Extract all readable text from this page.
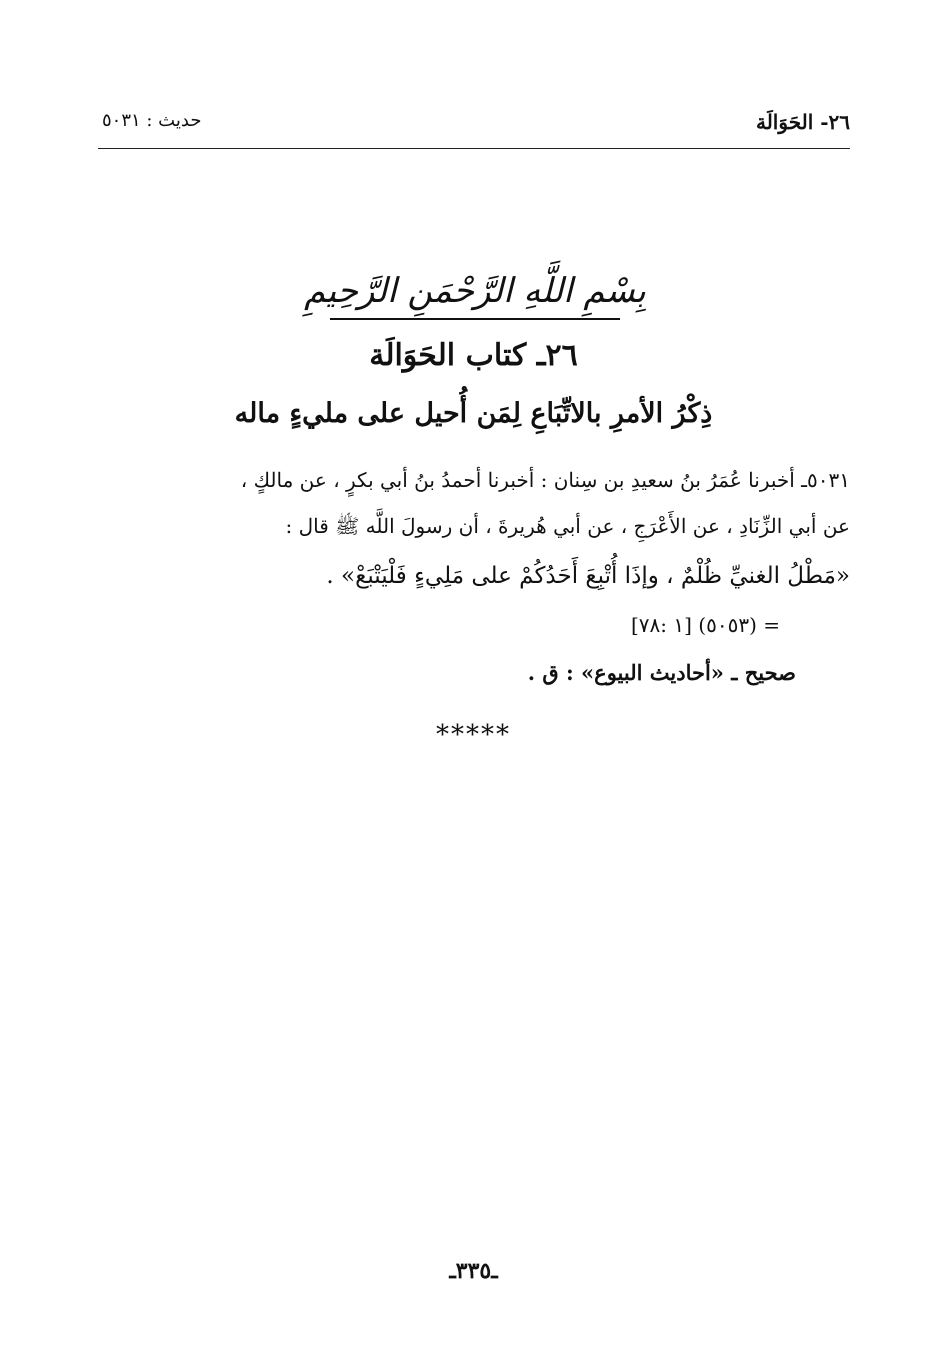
٢٦- الحَوَالَة
حديث : ٥٠٣١
بِسْمِ اللَّهِ الرَّحْمَنِ الرَّحِيمِ
٢٦ـ كتاب الحَوَالَة
ذِكْرُ الأمرِ بالاتِّبَاعِ لِمَن أُحيل على مليءٍ ماله
٥٠٣١ـ أخبرنا عُمَرُ بنُ سعيدِ بن سِنان : أخبرنا أحمدُ بنُ أبي بكرٍ ، عن مالكٍ ،
عن أبي الزِّنَادِ ، عن الأَعْرَجِ ، عن أبي هُريرةَ ، أن رسولَ اللَّه ﷺ قال :
«مَطْلُ الغنيِّ ظُلْمٌ ، وإذَا أُتْبِعَ أَحَدُكُمْ على مَلِيءٍ فَلْيَتْبَعْ» .
= (٥٠٥٣) [١ :٧٨]
صحيح ـ «أحاديث البيوع» : ق .
*****
ـ٣٣٥ـ
